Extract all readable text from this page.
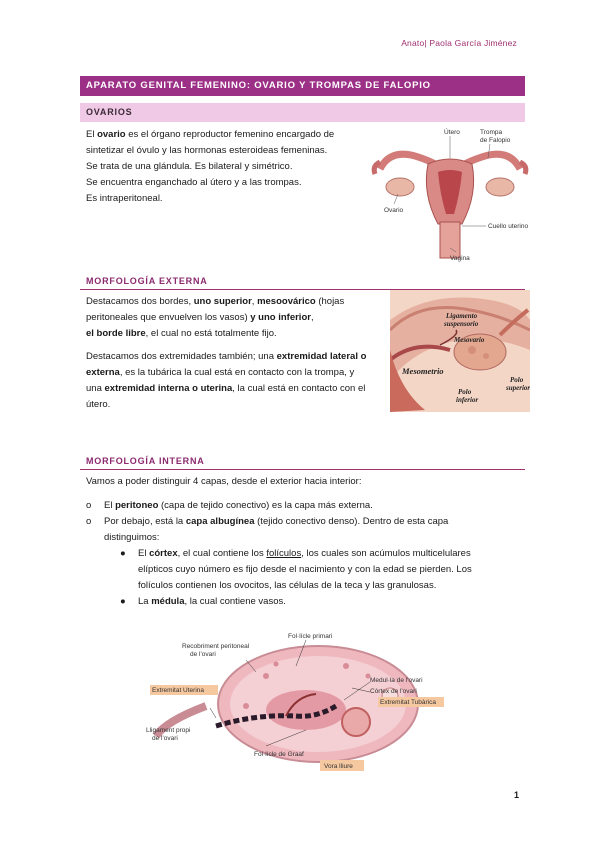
Anato| Paola García Jiménez
APARATO GENITAL FEMENINO: OVARIO Y TROMPAS DE FALOPIO
OVARIOS
El ovario es el órgano reproductor femenino encargado de
sintetizar el óvulo y las hormonas esteroideas femeninas.
Se trata de una glándula. Es bilateral y simétrico.
Se encuentra enganchado al útero y a las trompas.
Es intraperitoneal.
Útero	Trompa
de Falopio
Ovario
Cuello uterino
Vagina
MORFOLOGÍA EXTERNA
Destacamos dos bordes, uno superior, mesoovárico (hojas
peritoneales que envuelven los vasos) y uno inferior,
el borde libre, el cual no está totalmente fijo.
Destacamos dos extremidades también; una extremidad lateral o
externa, es la tubárica la cual está en contacto con la trompa, y
una extremidad interna o uterina, la cual está en contacto con el
útero.
Ligamento
suspensorio
Mesovario
Mesometrio
Polo
inferior
Polo
superior
MORFOLOGÍA INTERNA
Vamos a poder distinguir 4 capas, desde el exterior hacia interior:
o El peritoneo (capa de tejido conectivo) es la capa más externa.
o Por debajo, está la capa albugínea (tejido conectivo denso). Dentro de esta capa
distinguimos:
● El córtex, el cual contiene los folículos, los cuales son acúmulos multicelulares
elípticos cuyo número es fijo desde el nacimiento y con la edad se pierden. Los
folículos contienen los ovocitos, las células de la teca y las granulosas.
● La médula, la cual contiene vasos.
Recobriment peritoneal
de l'ovari
Fol·lícle primari
Medul·la de l'ovari
Còrtex de l'ovari
Extremitat Uterina
Extremitat Tubàrica
Lligament propi
de l'ovari
Fol·lícle de Graaf
Vora lliure
1
